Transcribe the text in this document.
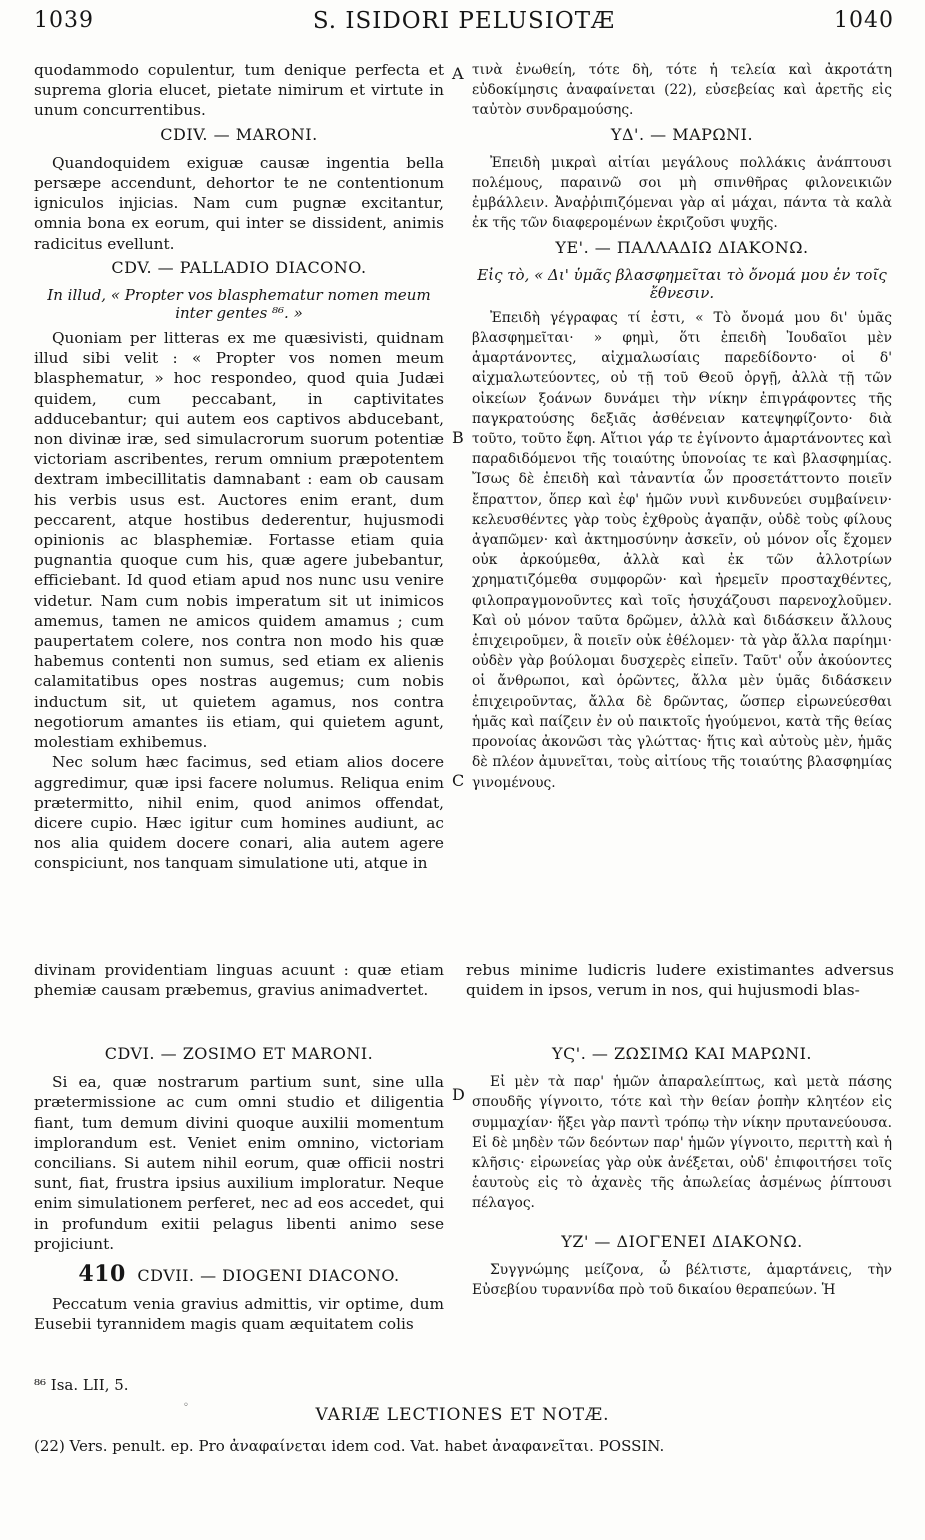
1039	S. ISIDORI PELUSIOTÆ	1040
A
B
C
D

quodammodo copulentur, tum denique perfecta et suprema gloria elucet, pietate nimirum et virtute in unum concurrentibus.

CDIV. — MARONI.

Quandoquidem exiguæ causæ ingentia bella persæpe accendunt, dehortor te ne contentionum igniculos injicias. Nam cum pugnæ excitantur, omnia bona ex eorum, qui inter se dissident, animis radicitus evellunt.

CDV. — PALLADIO DIACONO.
In illud, « Propter vos blasphematur nomen meum inter gentes ⁸⁶. »

Quoniam per litteras ex me quæsivisti, quidnam illud sibi velit : « Propter vos nomen meum blasphematur, » hoc respondeo, quod quia Judæi quidem, cum peccabant, in captivitates adducebantur; qui autem eos captivos abducebant, non divinæ iræ, sed simulacrorum suorum potentiæ victoriam ascribentes, rerum omnium præpotentem dextram imbecillitatis damnabant : eam ob causam his verbis usus est. Auctores enim erant, dum peccarent, atque hostibus dederentur, hujusmodi opinionis ac blasphemiæ. Fortasse etiam quia pugnantia quoque cum his, quæ agere jubebantur, efficiebant. Id quod etiam apud nos nunc usu venire videtur. Nam cum nobis imperatum sit ut inimicos amemus, tamen ne amicos quidem amamus ; cum paupertatem colere, nos contra non modo his quæ habemus contenti non sumus, sed etiam ex alienis calamitatibus opes nostras augemus; cum nobis inductum sit, ut quietem agamus, nos contra negotiorum amantes iis etiam, qui quietem agunt, molestiam exhibemus.

Nec solum hæc facimus, sed etiam alios docere aggredimur, quæ ipsi facere nolumus. Reliqua enim prætermitto, nihil enim, quod animos offendat, dicere cupio. Hæc igitur cum homines audiunt, ac nos alia quidem docere conari, alia autem agere conspiciunt, nos tanquam simulatione uti, atque in

τινὰ ἐνωθείη, τότε δὴ, τότε ἡ τελεία καὶ ἀκροτάτη εὐδοκίμησις ἀναφαίνεται (22), εὐσεβείας καὶ ἀρετῆς εἰς ταὐτὸν συνδραμούσης.

ΥΔ'. — ΜΑΡΩΝΙ.

Ἐπειδὴ μικραὶ αἰτίαι μεγάλους πολλάκις ἀνάπτουσι πολέμους, παραινῶ σοι μὴ σπινθῆρας φιλονεικιῶν ἐμβάλλειν. Ἀναῤῥιπιζόμεναι γὰρ αἱ μάχαι, πάντα τὰ καλὰ ἐκ τῆς τῶν διαφερομένων ἐκριζοῦσι ψυχῆς.

ΥΕ'. — ΠΑΛΛΑΔΙΩ ΔΙΑΚΟΝΩ.
Εἰς τὸ, « Δι' ὑμᾶς βλασφημεῖται τὸ ὄνομά μου ἐν τοῖς ἔθνεσιν.

Ἐπειδὴ γέγραφας τί ἐστι, « Τὸ ὄνομά μου δι' ὑμᾶς βλασφημεῖται· » φημὶ, ὅτι ἐπειδὴ Ἰουδαῖοι μὲν ἁμαρτάνοντες, αἰχμαλωσίαις παρεδίδοντο· οἱ δ' αἰχμαλωτεύοντες, οὐ τῇ τοῦ Θεοῦ ὀργῇ, ἀλλὰ τῇ τῶν οἰκείων ξοάνων δυνάμει τὴν νίκην ἐπιγράφοντες τῆς παγκρατούσης δεξιᾶς ἀσθένειαν κατεψηφίζοντο· διὰ τοῦτο, τοῦτο ἔφη. Αἴτιοι γάρ τε ἐγίνοντο ἁμαρτάνοντες καὶ παραδιδόμενοι τῆς τοιαύτης ὑπονοίας τε καὶ βλασφημίας. Ἴσως δὲ ἐπειδὴ καὶ τἀναντία ὧν προσετάττοντο ποιεῖν ἔπραττον, ὅπερ καὶ ἐφ' ἡμῶν νυνὶ κινδυνεύει συμβαίνειν· κελευσθέντες γὰρ τοὺς ἐχθροὺς ἀγαπᾷν, οὐδὲ τοὺς φίλους ἀγαπῶμεν· καὶ ἀκτημοσύνην ἀσκεῖν, οὐ μόνον οἷς ἔχομεν οὐκ ἀρκούμεθα, ἀλλὰ καὶ ἐκ τῶν ἀλλοτρίων χρηματιζόμεθα συμφορῶν· καὶ ἠρεμεῖν προσταχθέντες, φιλοπραγμονοῦντες καὶ τοῖς ἡσυχάζουσι παρενοχλοῦμεν. Καὶ οὐ μόνον ταῦτα δρῶμεν, ἀλλὰ καὶ διδάσκειν ἄλλους ἐπιχειροῦμεν, ἃ ποιεῖν οὐκ ἐθέλομεν· τὰ γὰρ ἄλλα παρίημι· οὐδὲν γὰρ βούλομαι δυσχερὲς εἰπεῖν. Ταῦτ' οὖν ἀκούοντες οἱ ἄνθρωποι, καὶ ὁρῶντες, ἄλλα μὲν ὑμᾶς διδάσκειν ἐπιχειροῦντας, ἄλλα δὲ δρῶντας, ὥσπερ εἰρωνεύεσθαι ἡμᾶς καὶ παίζειν ἐν οὐ παικτοῖς ἡγούμενοι, κατὰ τῆς θείας προνοίας ἀκονῶσι τὰς γλώττας· ἥτις καὶ αὐτοὺς μὲν, ἡμᾶς δὲ πλέον ἀμυνεῖται, τοὺς αἰτίους τῆς τοιαύτης βλασφημίας γινομένους.

divinam providentiam linguas acuunt : quæ etiam phemiæ causam præbemus, gravius animadvertet.
rebus minime ludicris ludere existimantes adversus quidem in ipsos, verum in nos, qui hujusmodi blas-
CDVI. — ZOSIMO ET MARONI.

Si ea, quæ nostrarum partium sunt, sine ulla prætermissione ac cum omni studio et diligentia fiant, tum demum divini quoque auxilii momentum implorandum est. Veniet enim omnino, victoriam concilians. Si autem nihil eorum, quæ officii nostri sunt, fiat, frustra ipsius auxilium imploratur. Neque enim simulationem perferet, nec ad eos accedet, qui in profundum exitii pelagus libenti animo sese projiciunt.

410 CDVII. — DIOGENI DIACONO.

Peccatum venia gravius admittis, vir optime, dum Eusebii tyrannidem magis quam æquitatem colis

ΥϚ'. — ΖΩΣΙΜΩ ΚΑΙ ΜΑΡΩΝΙ.

Εἰ μὲν τὰ παρ' ἡμῶν ἀπαραλείπτως, καὶ μετὰ πάσης σπουδῆς γίγνοιτο, τότε καὶ τὴν θείαν ῥοπὴν κλητέον εἰς συμμαχίαν· ἥξει γὰρ παντὶ τρόπῳ τὴν νίκην πρυτανεύουσα. Εἰ δὲ μηδὲν τῶν δεόντων παρ' ἡμῶν γίγνοιτο, περιττὴ καὶ ἡ κλῆσις· εἰρωνείας γὰρ οὐκ ἀνέξεται, οὐδ' ἐπιφοιτήσει τοῖς ἑαυτοὺς εἰς τὸ ἀχανὲς τῆς ἀπωλείας ἀσμένως ῥίπτουσι πέλαγος.

ΥΖ' — ΔΙΟΓΕΝΕΙ ΔΙΑΚΟΝΩ.

Συγγνώμης μείζονα, ὦ βέλτιστε, ἁμαρτάνεις, τὴν Εὐσεβίου τυραννίδα πρὸ τοῦ δικαίου θεραπεύων. Ἡ

⁸⁶ Isa. LII, 5.
◦	VARIÆ LECTIONES ET NOTÆ.
(22) Vers. penult. ep. Pro ἀναφαίνεται idem cod. Vat. habet ἀναφανεῖται. POSSIN.
